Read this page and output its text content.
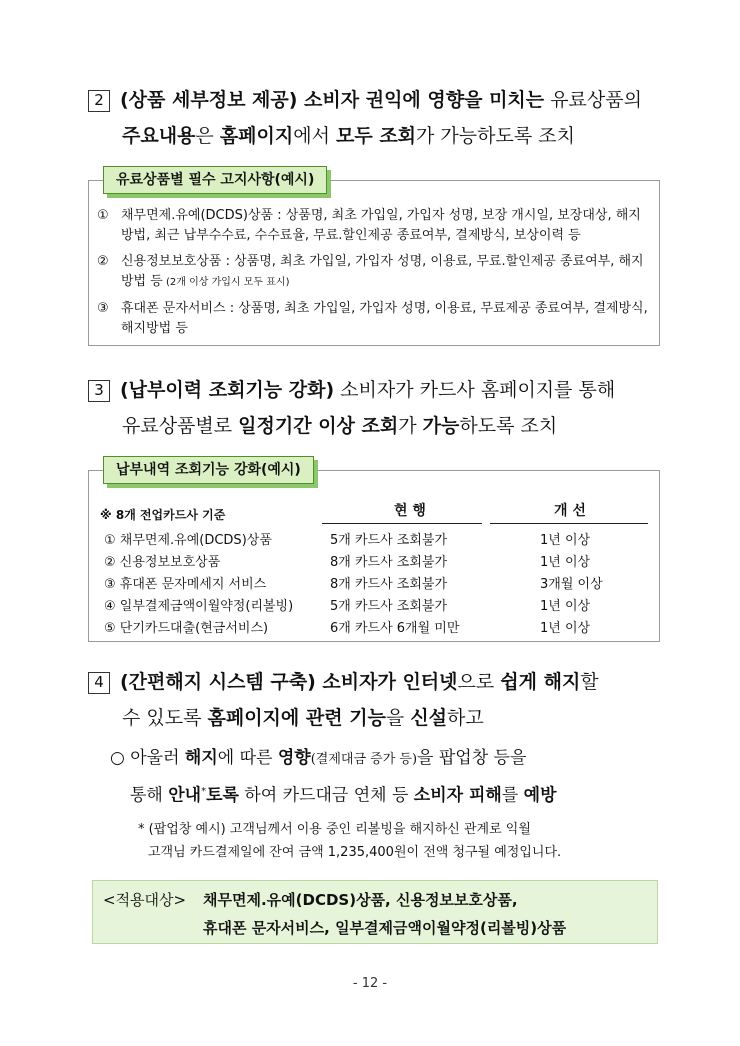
2 (상품 세부정보 제공) 소비자 권익에 영향을 미치는 유료상품의
주요내용은 홈페이지에서 모두 조회가 가능하도록 조치
유료상품별 필수 고지사항(예시)
① 채무면제.유예(DCDS)상품 : 상품명, 최초 가입일, 가입자 성명, 보장 개시일, 보장대상, 해지방법, 최근 납부수수료, 수수료율, 무료.할인제공 종료여부, 결제방식, 보상이력 등
② 신용정보보호상품 : 상품명, 최초 가입일, 가입자 성명, 이용료, 무료.할인제공 종료여부, 해지방법 등 (2개 이상 가입시 모두 표시)
③ 휴대폰 문자서비스 : 상품명, 최초 가입일, 가입자 성명, 이용료, 무료제공 종료여부, 결제방식, 해지방법 등
3 (납부이력 조회기능 강화) 소비자가 카드사 홈페이지를 통해
유료상품별로 일정기간 이상 조회가 가능하도록 조치
납부내역 조회기능 강화(예시)
※ 8개 전업카드사 기준	현 행	개 선
① 채무면제.유예(DCDS)상품	5개 카드사 조회불가	1년 이상
② 신용정보보호상품	8개 카드사 조회불가	1년 이상
③ 휴대폰 문자메세지 서비스	8개 카드사 조회불가	3개월 이상
④ 일부결제금액이월약정(리볼빙)	5개 카드사 조회불가	1년 이상
⑤ 단기카드대출(현금서비스)	6개 카드사 6개월 미만	1년 이상
4 (간편해지 시스템 구축) 소비자가 인터넷으로 쉽게 해지할
수 있도록 홈페이지에 관련 기능을 신설하고
○ 아울러 해지에 따른 영향(결제대금 증가 등)을 팝업창 등을
통해 안내*토록 하여 카드대금 연체 등 소비자 피해를 예방
* (팝업창 예시) 고객님께서 이용 중인 리볼빙을 해지하신 관계로 익월
고객님 카드결제일에 잔여 금액 1,235,400원이 전액 청구될 예정입니다.
<적용대상> 채무면제.유예(DCDS)상품, 신용정보보호상품,
휴대폰 문자서비스, 일부결제금액이월약정(리볼빙)상품
- 12 -
